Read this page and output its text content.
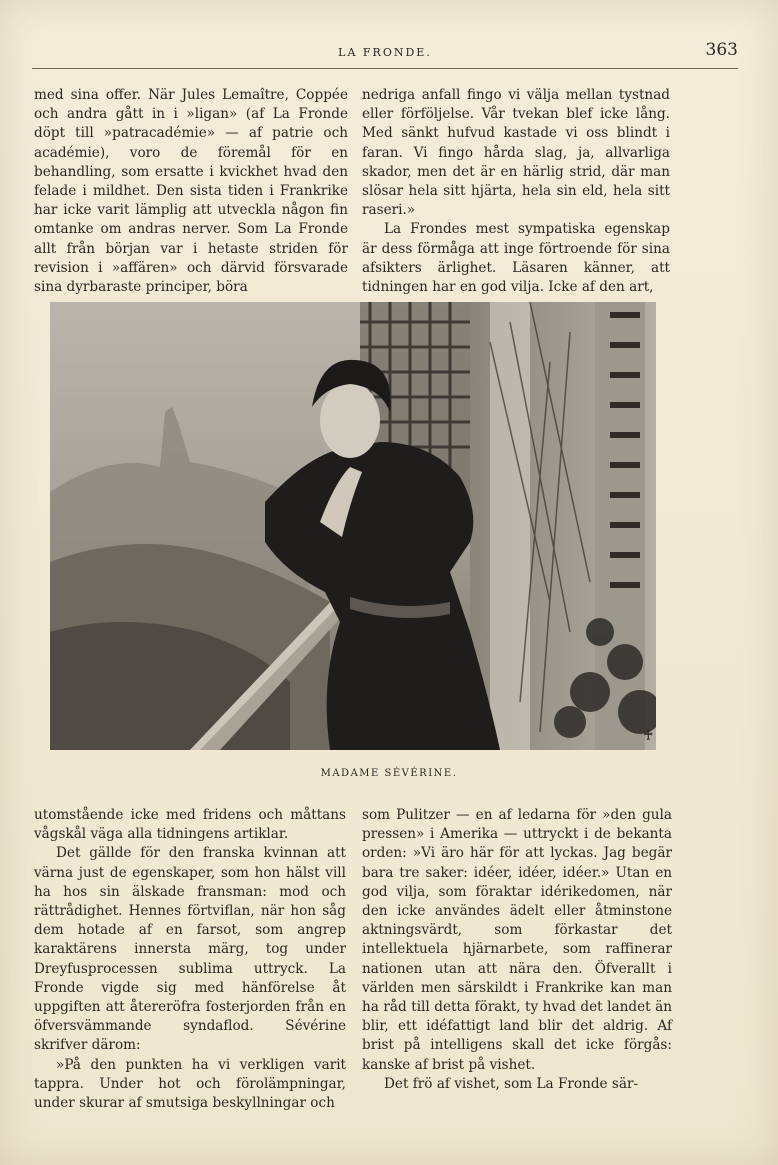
LA FRONDE.	363

med sina offer. När Jules Lemaître, Coppée och andra gått in i »ligan» (af La Fronde döpt till »patracadémie» — af patrie och académie), voro de föremål för en behandling, som ersatte i kvickhet hvad den felade i mildhet. Den sista tiden i Frankrike har icke varit lämplig att utveckla någon fin omtanke om andras nerver. Som La Fronde allt från början var i hetaste striden för revision i »affären» och därvid försvarade sina dyrbaraste principer, böra

nedriga anfall fingo vi välja mellan tystnad eller förföljelse. Vår tvekan blef icke lång. Med sänkt hufvud kastade vi oss blindt i faran. Vi fingo hårda slag, ja, allvarliga skador, men det är en härlig strid, där man slösar hela sitt hjärta, hela sin eld, hela sitt raseri.»

La Frondes mest sympatiska egenskap är dess förmåga att inge förtroende för sina afsikters ärlighet. Läsaren känner, att tidningen har en god vilja. Icke af den art,

♰
MADAME SÉVÉRINE.

utomstående icke med fridens och måttans vågskål väga alla tidningens artiklar.

Det gällde för den franska kvinnan att värna just de egenskaper, som hon hälst vill ha hos sin älskade fransman: mod och rättrådighet. Hennes förtviflan, när hon såg dem hotade af en farsot, som angrep karaktärens innersta märg, tog under Dreyfusprocessen sublima uttryck. La Fronde vigde sig med hänförelse åt uppgiften att återeröfra fosterjorden från en öfversvämmande syndaflod. Sévérine skrifver därom:

»På den punkten ha vi verkligen varit tappra. Under hot och förolämpningar, under skurar af smutsiga beskyllningar och

som Pulitzer — en af ledarna för »den gula pressen» i Amerika — uttryckt i de bekanta orden: »Vi äro här för att lyckas. Jag begär bara tre saker: idéer, idéer, idéer.» Utan en god vilja, som föraktar idérikedomen, när den icke användes ädelt eller åtminstone aktningsvärdt, som förkastar det intellektuela hjärnarbete, som raffinerar nationen utan att nära den. Öfverallt i världen men särskildt i Frankrike kan man ha råd till detta förakt, ty hvad det landet än blir, ett idéfattigt land blir det aldrig. Af brist på intelligens skall det icke förgås: kanske af brist på vishet.

Det frö af vishet, som La Fronde sär-
